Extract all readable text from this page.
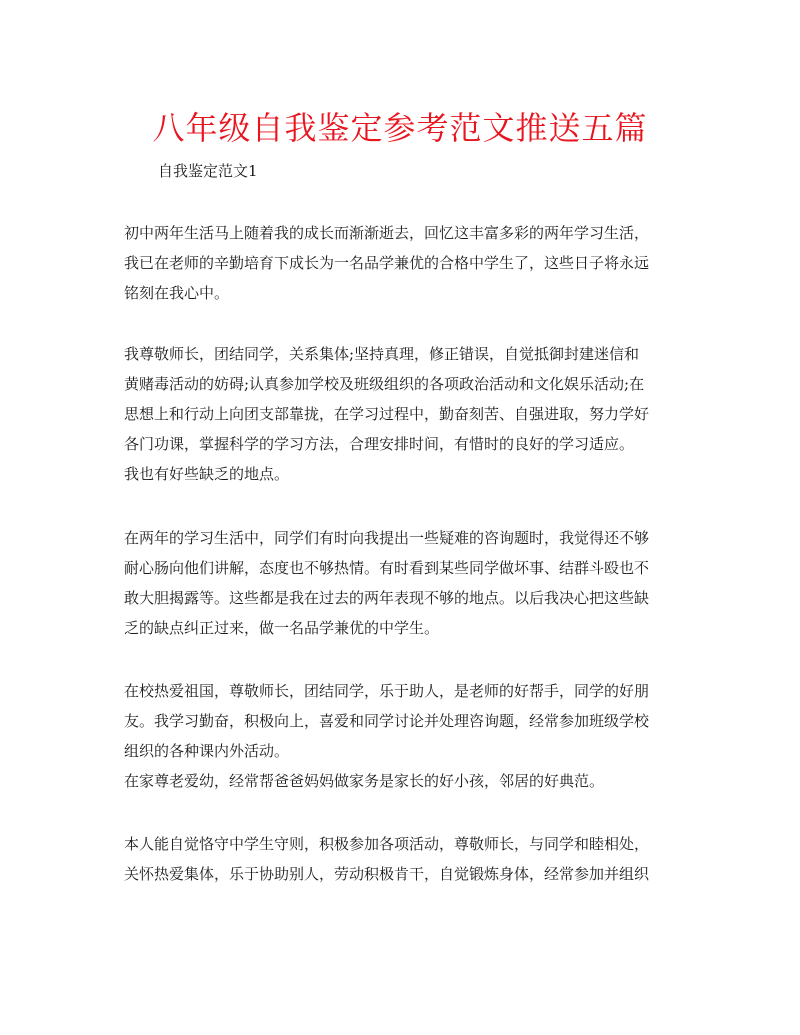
八年级自我鉴定参考范文推送五篇
自我鉴定范文1
初中两年生活马上随着我的成长而渐渐逝去，回忆这丰富多彩的两年学习生活，
我已在老师的辛勤培育下成长为一名品学兼优的合格中学生了，这些日子将永远
铭刻在我心中。
我尊敬师长，团结同学，关系集体;坚持真理，修正错误，自觉抵御封建迷信和
黄赌毒活动的妨碍;认真参加学校及班级组织的各项政治活动和文化娱乐活动;在
思想上和行动上向团支部靠拢，在学习过程中，勤奋刻苦、自强进取，努力学好
各门功课，掌握科学的学习方法，合理安排时间，有惜时的良好的学习适应。
我也有好些缺乏的地点。
在两年的学习生活中，同学们有时向我提出一些疑难的咨询题时，我觉得还不够
耐心肠向他们讲解，态度也不够热情。有时看到某些同学做坏事、结群斗殴也不
敢大胆揭露等。这些都是我在过去的两年表现不够的地点。以后我决心把这些缺
乏的缺点纠正过来，做一名品学兼优的中学生。
在校热爱祖国，尊敬师长，团结同学，乐于助人，是老师的好帮手，同学的好朋
友。我学习勤奋，积极向上，喜爱和同学讨论并处理咨询题，经常参加班级学校
组织的各种课内外活动。
在家尊老爱幼，经常帮爸爸妈妈做家务是家长的好小孩，邻居的好典范。
本人能自觉恪守中学生守则，积极参加各项活动，尊敬师长，与同学和睦相处，
关怀热爱集体，乐于协助别人，劳动积极肯干，自觉锻炼身体，经常参加并组织
